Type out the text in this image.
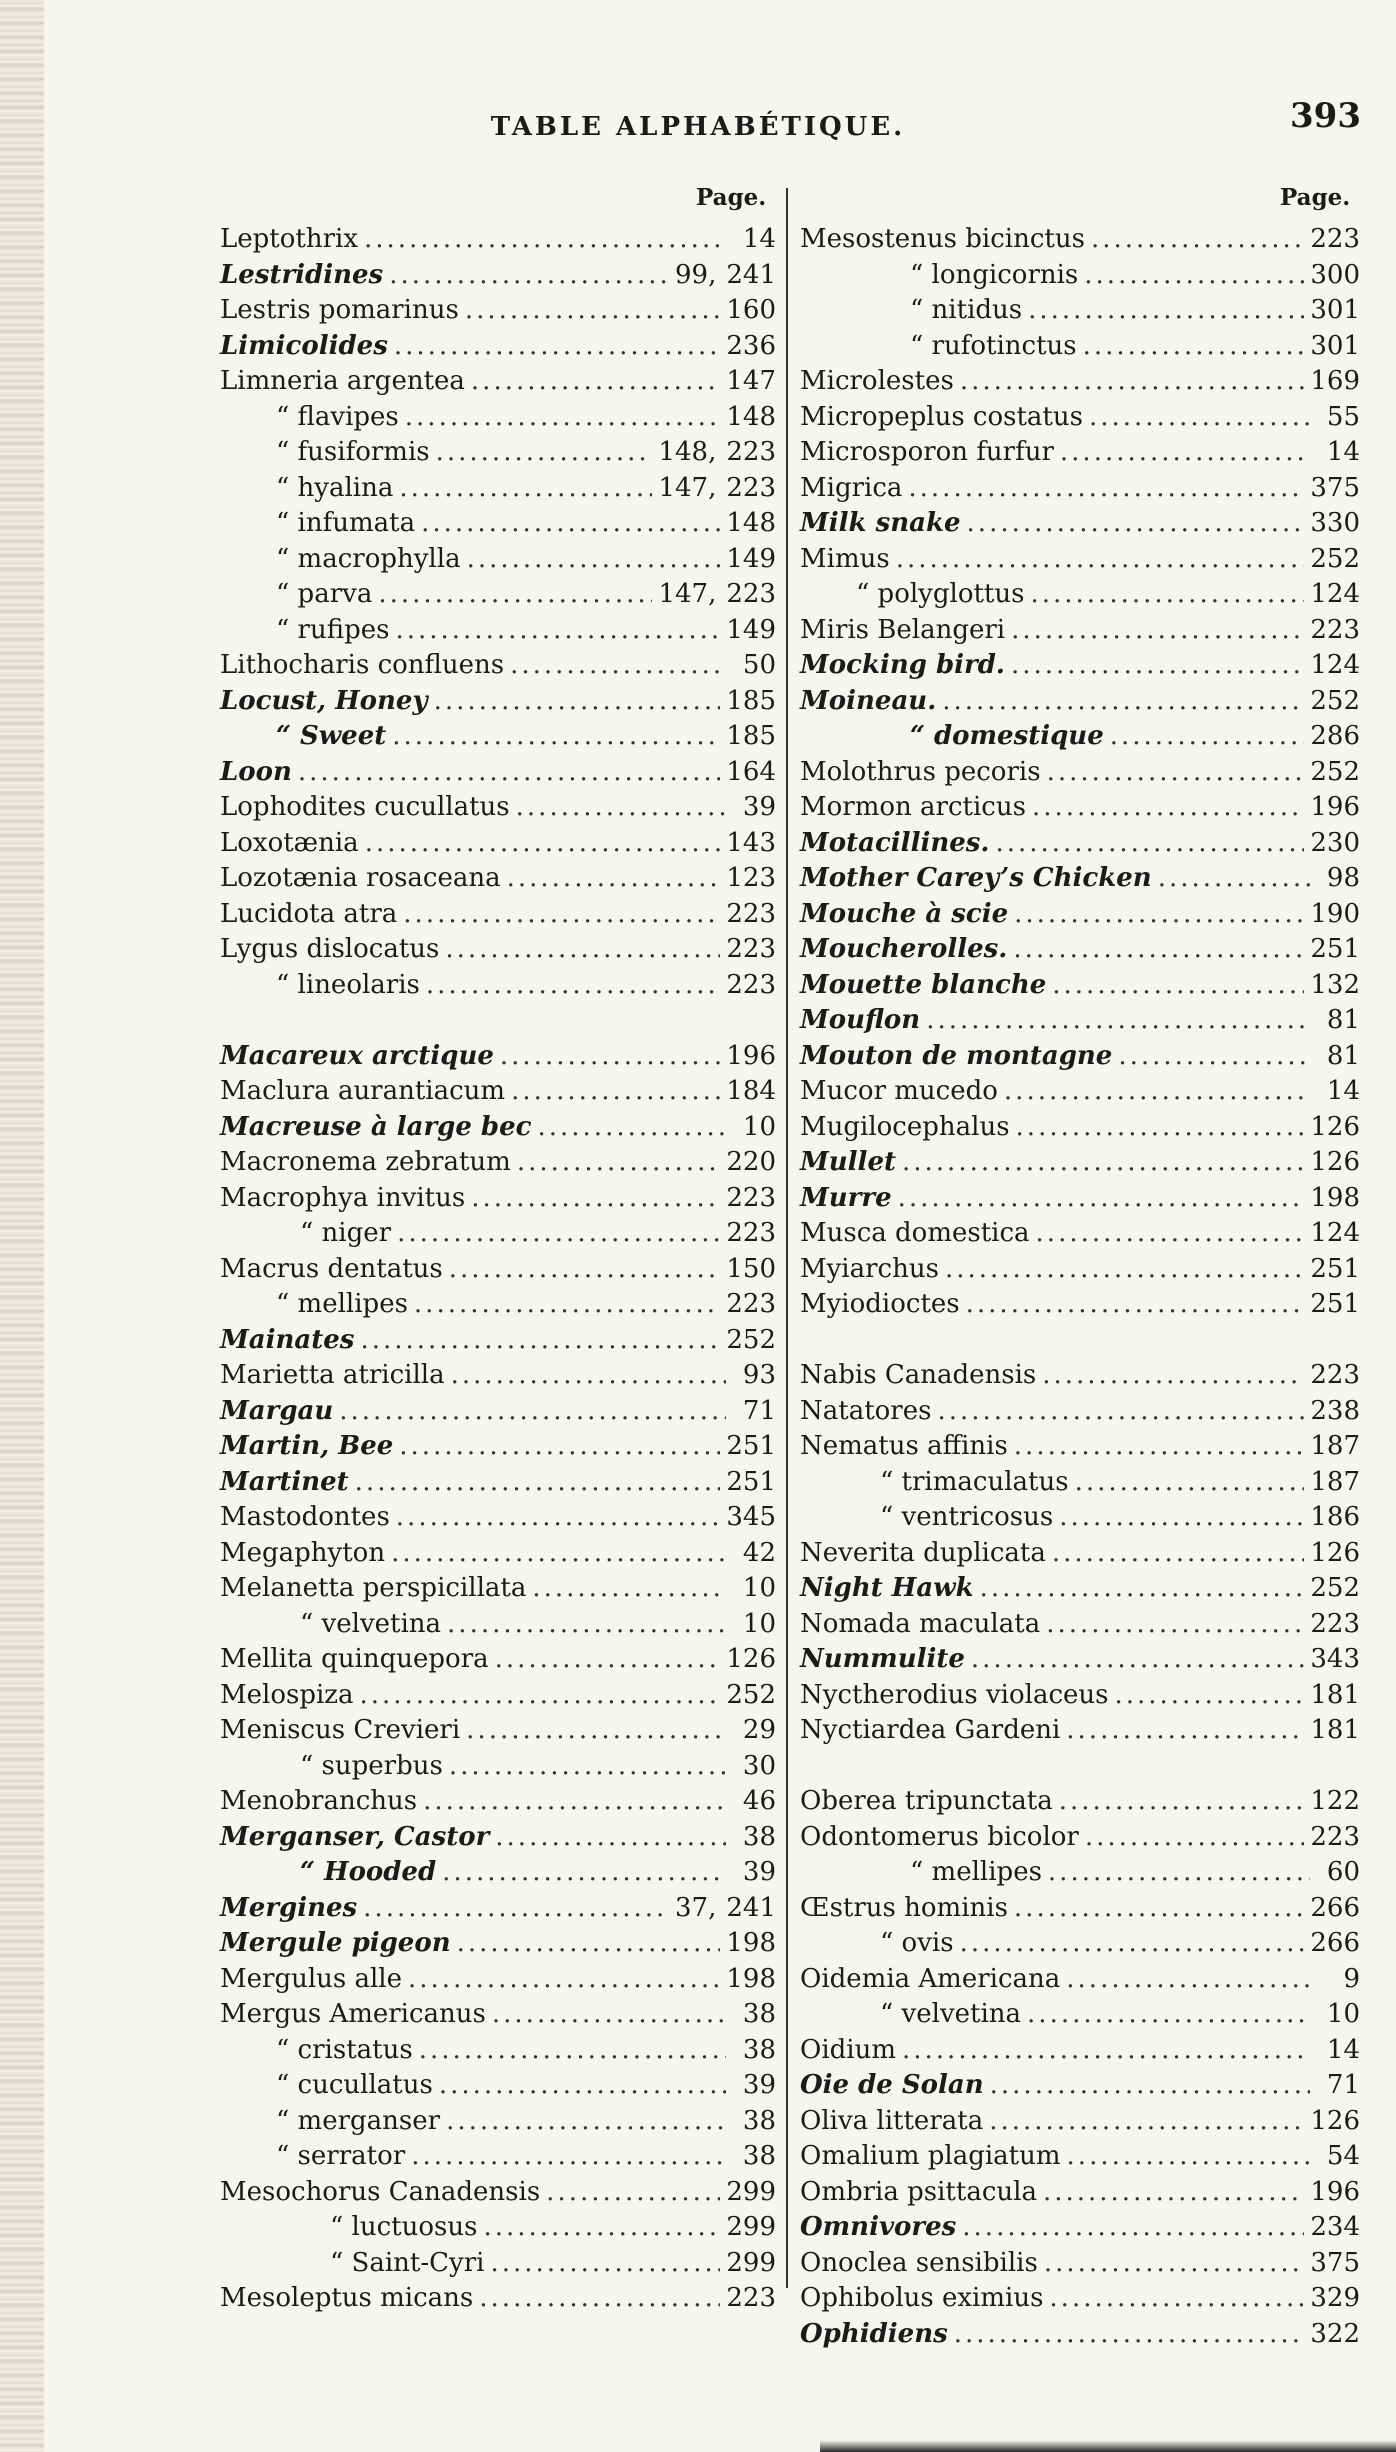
TABLE ALPHABÉTIQUE.	393
Page.	Page.
Leptothrix .....	14
Lestridines .....	99, 241
Lestris pomarinus .....	160
Limicolides .....	236
Limneria argentea .....	147
“ flavipes .....	148
“ fusiformis .....	148, 223
“ hyalina .....	147, 223
“ infumata .....	148
“ macrophylla .....	149
“ parva .....	147, 223
“ rufipes .....	149
Lithocharis confluens .....	50
Locust, Honey .....	185
“ Sweet .....	185
Loon .....	164
Lophodites cucullatus .....	39
Loxotænia .....	143
Lozotænia rosaceana .....	123
Lucidota atra .....	223
Lygus dislocatus .....	223
“ lineolaris .....	223
Macareux arctique .....	196
Maclura aurantiacum .....	184
Macreuse à large bec .....	10
Macronema zebratum .....	220
Macrophya invitus .....	223
“ niger .....	223
Macrus dentatus .....	150
“ mellipes .....	223
Mainates .....	252
Marietta atricilla .....	93
Margau .....	71
Martin, Bee .....	251
Martinet .....	251
Mastodontes .....	345
Megaphyton .....	42
Melanetta perspicillata .....	10
“ velvetina .....	10
Mellita quinquepora .....	126
Melospiza .....	252
Meniscus Crevieri .....	29
“ superbus .....	30
Menobranchus .....	46
Merganser, Castor .....	38
“ Hooded .....	39
Mergines .....	37, 241
Mergule pigeon .....	198
Mergulus alle .....	198
Mergus Americanus .....	38
“ cristatus .....	38
“ cucullatus .....	39
“ merganser .....	38
“ serrator .....	38
Mesochorus Canadensis .....	299
“ luctuosus .....	299
“ Saint-Cyri .....	299
Mesoleptus micans .....	223
Mesostenus bicinctus .....	223
“ longicornis .....	300
“ nitidus .....	301
“ rufotinctus .....	301
Microlestes .....	169
Micropeplus costatus .....	55
Microsporon furfur .....	14
Migrica .....	375
Milk snake .....	330
Mimus .....	252
“ polyglottus .....	124
Miris Belangeri .....	223
Mocking bird. .....	124
Moineau. .....	252
“ domestique .....	286
Molothrus pecoris .....	252
Mormon arcticus .....	196
Motacillines. .....	230
Mother Carey’s Chicken .....	98
Mouche à scie .....	190
Moucherolles. .....	251
Mouette blanche .....	132
Mouflon .....	81
Mouton de montagne .....	81
Mucor mucedo .....	14
Mugilocephalus .....	126
Mullet .....	126
Murre .....	198
Musca domestica .....	124
Myiarchus .....	251
Myiodioctes .....	251
Nabis Canadensis .....	223
Natatores .....	238
Nematus affinis .....	187
“ trimaculatus .....	187
“ ventricosus .....	186
Neverita duplicata .....	126
Night Hawk .....	252
Nomada maculata .....	223
Nummulite .....	343
Nyctherodius violaceus .....	181
Nyctiardea Gardeni .....	181
Oberea tripunctata .....	122
Odontomerus bicolor .....	223
“ mellipes .....	60
Œstrus hominis .....	266
“ ovis .....	266
Oidemia Americana .....	9
“ velvetina .....	10
Oidium .....	14
Oie de Solan .....	71
Oliva litterata .....	126
Omalium plagiatum .....	54
Ombria psittacula .....	196
Omnivores .....	234
Onoclea sensibilis .....	375
Ophibolus eximius .....	329
Ophidiens .....	322
